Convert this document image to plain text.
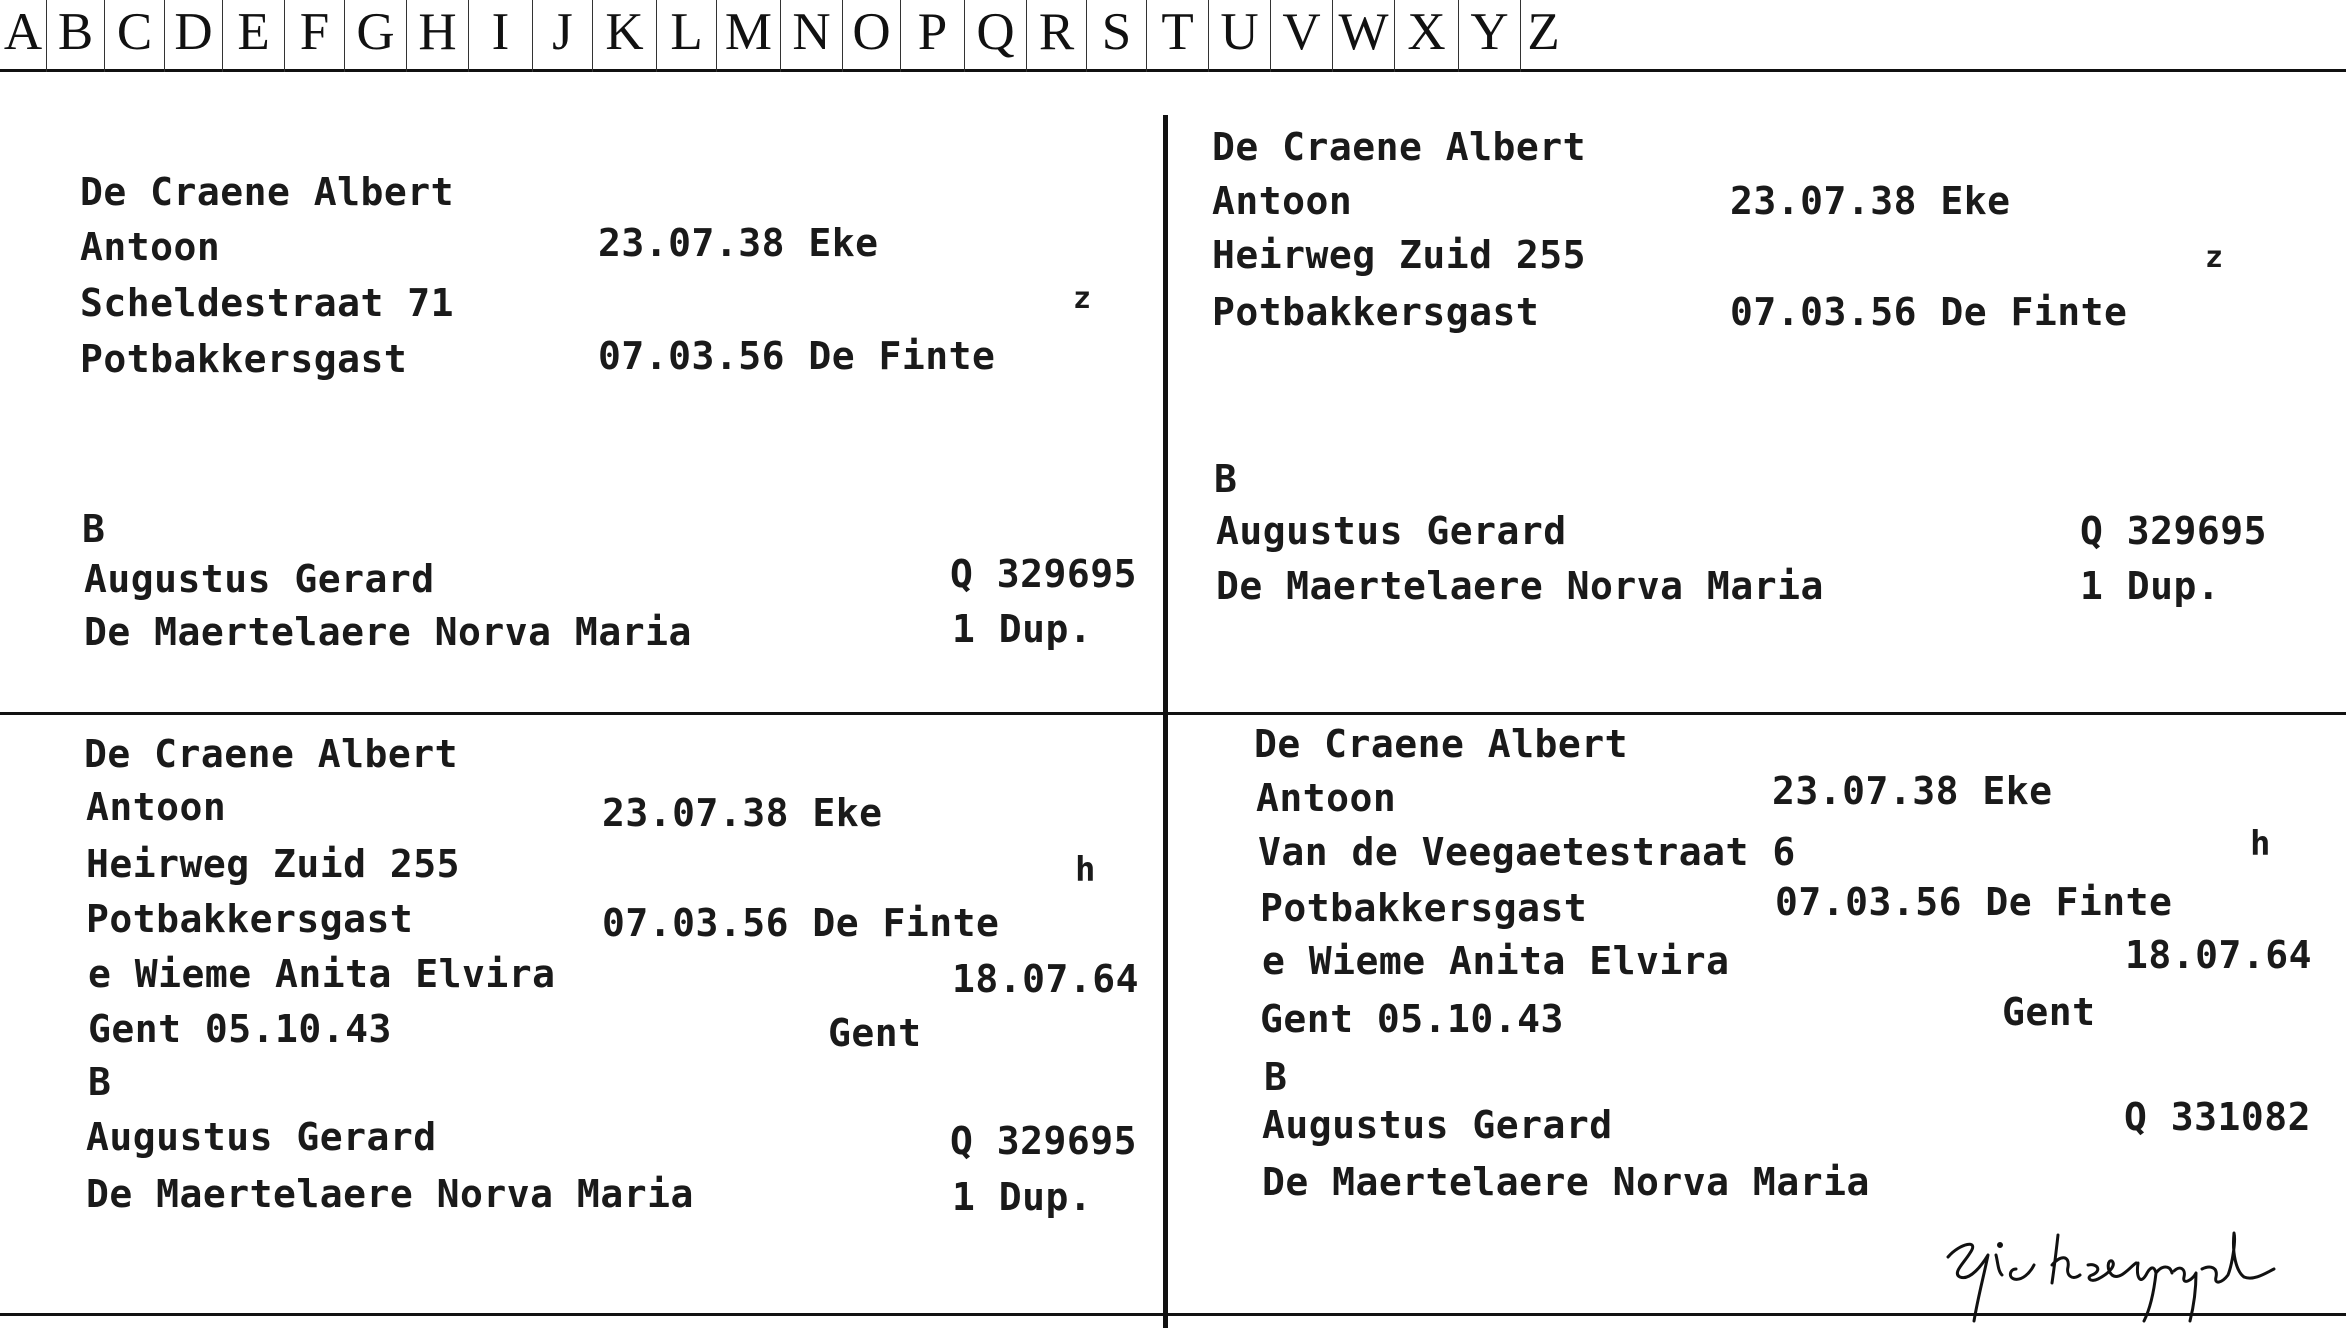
A B C D E F G H I J K L M N O P Q R S T U V W X Y Z
De Craene Albert
Antoon	23.07.38 Eke
Scheldestraat 71	z
Potbakkersgast	07.03.56 De Finte
B
Augustus Gerard	Q 329695
De Maertelaere Norva Maria	1 Dup.
De Craene Albert
Antoon	23.07.38 Eke
Heirweg Zuid 255	z
Potbakkersgast	07.03.56 De Finte
B
Augustus Gerard	Q 329695
De Maertelaere Norva Maria	1 Dup.
De Craene Albert
Antoon	23.07.38 Eke
Heirweg Zuid 255	h
Potbakkersgast	07.03.56 De Finte
e Wieme Anita Elvira	18.07.64
Gent 05.10.43	Gent
B
Augustus Gerard	Q 329695
De Maertelaere Norva Maria	1 Dup.
De Craene Albert
Antoon	23.07.38 Eke
Van de Veegaetestraat 6	h
Potbakkersgast	07.03.56 De Finte
e Wieme Anita Elvira	18.07.64
Gent 05.10.43	Gent
B
Augustus Gerard	Q 331082
De Maertelaere Norva Maria
